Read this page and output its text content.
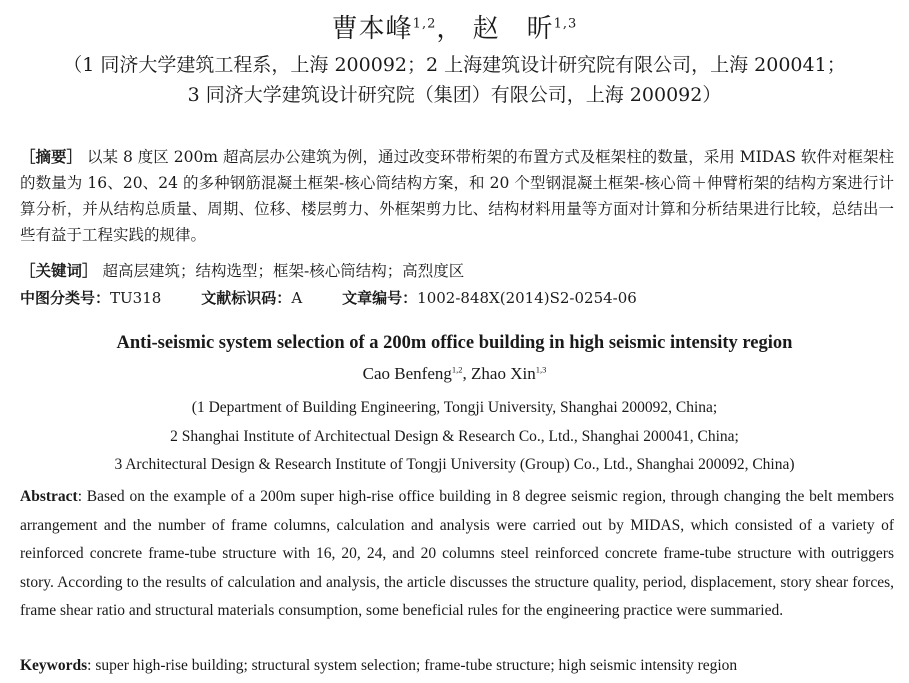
曹本峰$^{1,2}$， 赵　昕$^{1,3}$
（1 同济大学建筑工程系，上海 200092；2 上海建筑设计研究院有限公司，上海 200041；
3 同济大学建筑设计研究院（集团）有限公司，上海 200092）
［摘要］ 以某 8 度区 200m 超高层办公建筑为例，通过改变环带桁架的布置方式及框架柱的数量，采用 MIDAS 软件对框架柱的数量为 16、20、24 的多种钢筋混凝土框架-核心筒结构方案，和 20 个型钢混凝土框架-核心筒＋伸臂桁架的结构方案进行计算分析，并从结构总质量、周期、位移、楼层剪力、外框架剪力比、结构材料用量等方面对计算和分析结果进行比较，总结出一些有益于工程实践的规律。
［关键词］ 超高层建筑；结构选型；框架-核心筒结构；高烈度区
中图分类号：TU318	文献标识码：A	文章编号：1002-848X(2014)S2-0254-06
Anti-seismic system selection of a 200m office building in high seismic intensity region
Cao Benfeng$^{1,2}$, Zhao Xin$^{1,3}$
(1 Department of Building Engineering, Tongji University, Shanghai 200092, China;
2 Shanghai Institute of Architectual Design & Research Co., Ltd., Shanghai 200041, China;
3 Architectural Design & Research Institute of Tongji University (Group) Co., Ltd., Shanghai 200092, China)
Abstract: Based on the example of a 200m super high-rise office building in 8 degree seismic region, through changing the belt members arrangement and the number of frame columns, calculation and analysis were carried out by MIDAS, which consisted of a variety of reinforced concrete frame-tube structure with 16, 20, 24, and 20 columns steel reinforced concrete frame-tube structure with outriggers story. According to the results of calculation and analysis, the article discusses the structure quality, period, displacement, story shear forces, frame shear ratio and structural materials consumption, some beneficial rules for the engineering practice were summaried.
Keywords: super high-rise building; structural system selection; frame-tube structure; high seismic intensity region
